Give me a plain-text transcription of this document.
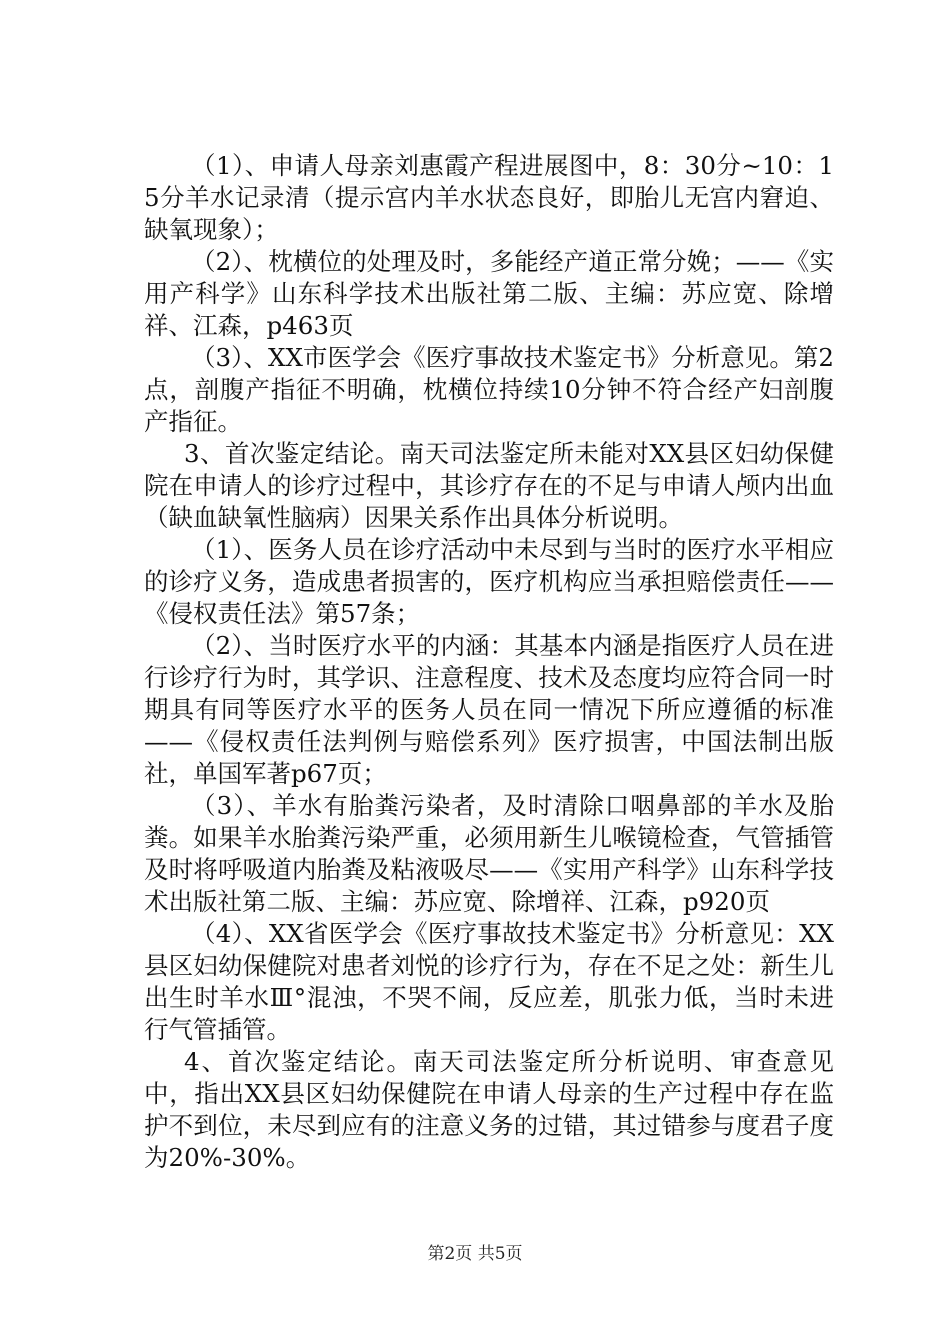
（1）、申请人母亲刘惠霞产程进展图中，8：30分~10：15分羊水记录清（提示宫内羊水状态良好，即胎儿无宫内窘迫、缺氧现象）；

（2）、枕横位的处理及时，多能经产道正常分娩；——《实用产科学》山东科学技术出版社第二版、主编：苏应宽、除增祥、江森，p463页

（3）、XX市医学会《医疗事故技术鉴定书》分析意见。第2点，剖腹产指征不明确，枕横位持续10分钟不符合经产妇剖腹产指征。

3、首次鉴定结论。南天司法鉴定所未能对XX县区妇幼保健院在申请人的诊疗过程中，其诊疗存在的不足与申请人颅内出血（缺血缺氧性脑病）因果关系作出具体分析说明。

（1）、医务人员在诊疗活动中未尽到与当时的医疗水平相应的诊疗义务，造成患者损害的，医疗机构应当承担赔偿责任——《侵权责任法》第57条；

（2）、当时医疗水平的内涵：其基本内涵是指医疗人员在进行诊疗行为时，其学识、注意程度、技术及态度均应符合同一时期具有同等医疗水平的医务人员在同一情况下所应遵循的标准——《侵权责任法判例与赔偿系列》医疗损害，中国法制出版社，单国军著p67页；

（3）、羊水有胎粪污染者，及时清除口咽鼻部的羊水及胎粪。如果羊水胎粪污染严重，必须用新生儿喉镜检查，气管插管及时将呼吸道内胎粪及粘液吸尽——《实用产科学》山东科学技术出版社第二版、主编：苏应宽、除增祥、江森，p920页

（4）、XX省医学会《医疗事故技术鉴定书》分析意见：XX县区妇幼保健院对患者刘悦的诊疗行为，存在不足之处：新生儿出生时羊水Ⅲ°混浊，不哭不闹，反应差，肌张力低，当时未进行气管插管。

4、首次鉴定结论。南天司法鉴定所分析说明、审查意见中，指出XX县区妇幼保健院在申请人母亲的生产过程中存在监护不到位，未尽到应有的注意义务的过错，其过错参与度君子度为20%-30%。

第2页 共5页
